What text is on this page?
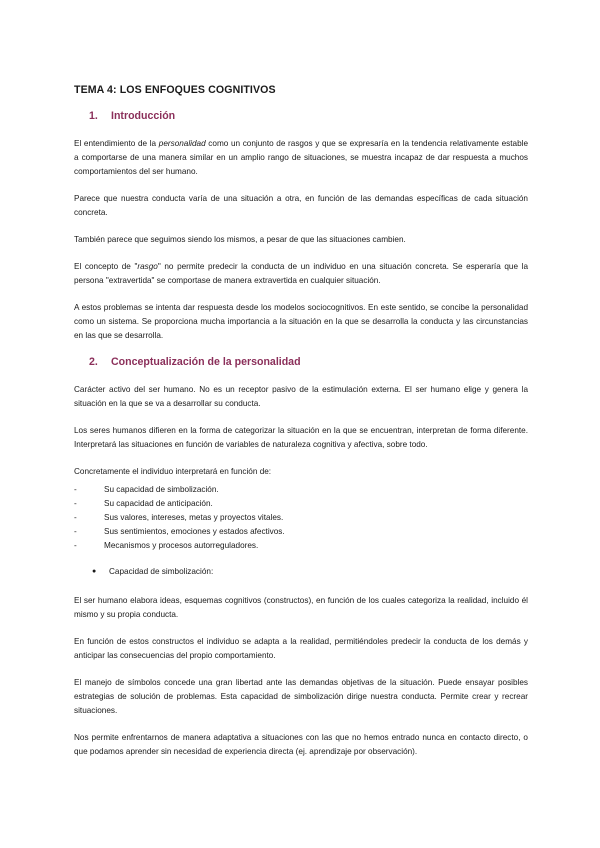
TEMA 4: LOS ENFOQUES COGNITIVOS
1.	Introducción

El entendimiento de la personalidad como un conjunto de rasgos y que se expresaría en la tendencia relativamente estable a comportarse de una manera similar en un amplio rango de situaciones, se muestra incapaz de dar respuesta a muchos comportamientos del ser humano.

Parece que nuestra conducta varía de una situación a otra, en función de las demandas específicas de cada situación concreta.

También parece que seguimos siendo los mismos, a pesar de que las situaciones cambien.

El concepto de "rasgo" no permite predecir la conducta de un individuo en una situación concreta. Se esperaría que la persona "extravertida" se comportase de manera extravertida en cualquier situación.

A estos problemas se intenta dar respuesta desde los modelos sociocognitivos. En este sentido, se concibe la personalidad como un sistema. Se proporciona mucha importancia a la situación en la que se desarrolla la conducta y las circunstancias en las que se desarrolla.

2.	Conceptualización de la personalidad

Carácter activo del ser humano. No es un receptor pasivo de la estimulación externa. El ser humano elige y genera la situación en la que se va a desarrollar su conducta.

Los seres humanos difieren en la forma de categorizar la situación en la que se encuentran, interpretan de forma diferente. Interpretará las situaciones en función de variables de naturaleza cognitiva y afectiva, sobre todo.

Concretamente el individuo interpretará en función de:

-	Su capacidad de simbolización.
-	Su capacidad de anticipación.
-	Sus valores, intereses, metas y proyectos vitales.
-	Sus sentimientos, emociones y estados afectivos.
-	Mecanismos y procesos autorreguladores.
●	Capacidad de simbolización:

El ser humano elabora ideas, esquemas cognitivos (constructos), en función de los cuales categoriza la realidad, incluido él mismo y su propia conducta.

En función de estos constructos el individuo se adapta a la realidad, permitiéndoles predecir la conducta de los demás y anticipar las consecuencias del propio comportamiento.

El manejo de símbolos concede una gran libertad ante las demandas objetivas de la situación. Puede ensayar posibles estrategias de solución de problemas. Esta capacidad de simbolización dirige nuestra conducta. Permite crear y recrear situaciones.

Nos permite enfrentarnos de manera adaptativa a situaciones con las que no hemos entrado nunca en contacto directo, o que podamos aprender sin necesidad de experiencia directa (ej. aprendizaje por observación).
